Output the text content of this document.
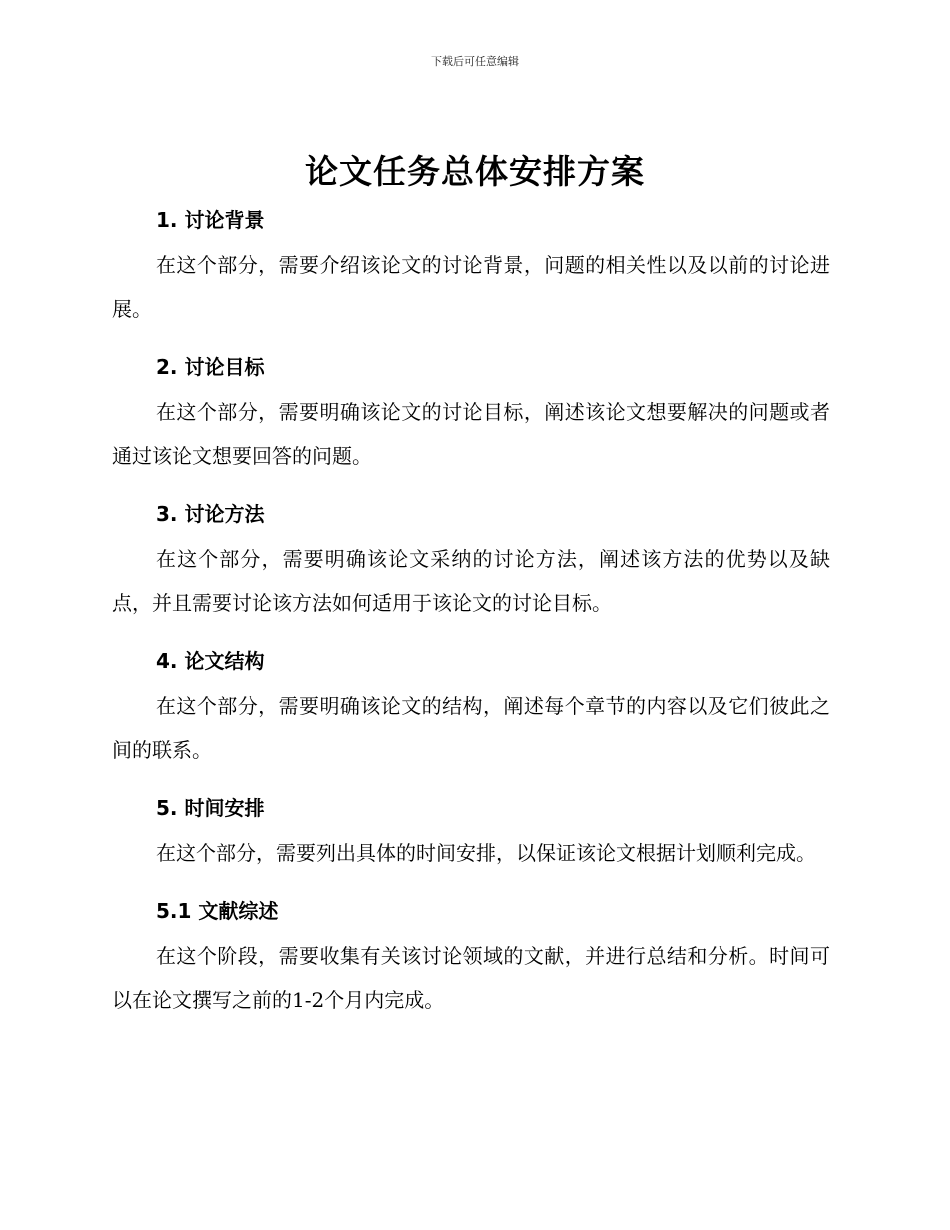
下载后可任意编辑
论文任务总体安排方案
1. 讨论背景

在这个部分，需要介绍该论文的讨论背景，问题的相关性以及以前的讨论进展。

2. 讨论目标

在这个部分，需要明确该论文的讨论目标，阐述该论文想要解决的问题或者通过该论文想要回答的问题。

3. 讨论方法

在这个部分，需要明确该论文采纳的讨论方法，阐述该方法的优势以及缺点，并且需要讨论该方法如何适用于该论文的讨论目标。

4. 论文结构

在这个部分，需要明确该论文的结构，阐述每个章节的内容以及它们彼此之间的联系。

5. 时间安排

在这个部分，需要列出具体的时间安排，以保证该论文根据计划顺利完成。

5.1 文献综述

在这个阶段，需要收集有关该讨论领域的文献，并进行总结和分析。时间可以在论文撰写之前的1-2个月内完成。
